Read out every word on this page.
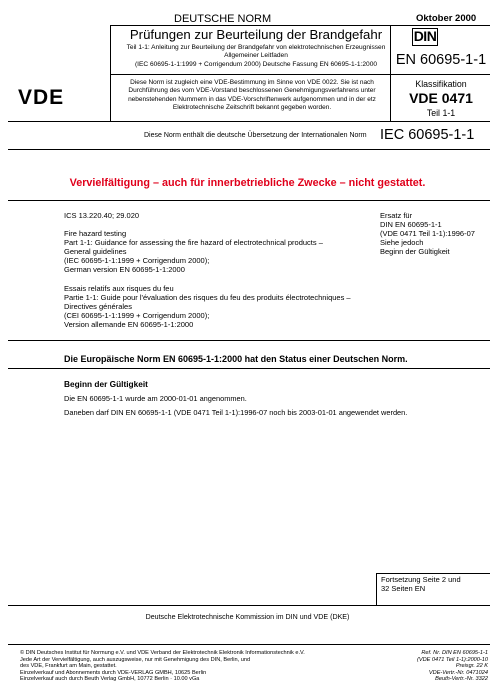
DEUTSCHE NORM	Oktober 2000
Prüfungen zur Beurteilung der Brandgefahr
Teil 1-1: Anleitung zur Beurteilung der Brandgefahr von elektrotechnischen Erzeugnissen
Allgemeiner Leitfaden
(IEC 60695-1-1:1999 + Corrigendum 2000) Deutsche Fassung EN 60695-1-1:2000
DIN
EN 60695-1-1
VDE
Diese Norm ist zugleich eine VDE-Bestimmung im Sinne von VDE 0022. Sie ist nach
Durchführung des vom VDE-Vorstand beschlossenen Genehmigungsverfahrens unter
nebenstehenden Nummern in das VDE-Vorschriftenwerk aufgenommen und in der etz
Elektrotechnische Zeitschrift bekannt gegeben worden.
Klassifikation
VDE 0471
Teil 1-1
Diese Norm enthält die deutsche Übersetzung der Internationalen Norm IEC 60695-1-1
Vervielfältigung – auch für innerbetriebliche Zwecke – nicht gestattet.
ICS 13.220.40; 29.020
Fire hazard testing
Part 1-1: Guidance for assessing the fire hazard of electrotechnical products –
General guidelines
(IEC 60695-1-1:1999 + Corrigendum 2000);
German version EN 60695-1-1:2000
Essais relatifs aux risques du feu
Partie 1-1: Guide pour l'évaluation des risques du feu des produits électrotechniques –
Directives générales
(CEI 60695-1-1:1999 + Corrigendum 2000);
Version allemande EN 60695-1-1:2000
Ersatz für
DIN EN 60695-1-1
(VDE 0471 Teil 1-1):1996-07
Siehe jedoch
Beginn der Gültigkeit
Die Europäische Norm EN 60695-1-1:2000 hat den Status einer Deutschen Norm.
Beginn der Gültigkeit
Die EN 60695-1-1 wurde am 2000-01-01 angenommen.
Daneben darf DIN EN 60695-1-1 (VDE 0471 Teil 1-1):1996-07 noch bis 2003-01-01 angewendet werden.
Fortsetzung Seite 2 und
32 Seiten EN
Deutsche Elektrotechnische Kommission im DIN und VDE (DKE)
© DIN Deutsches Institut für Normung e.V. und VDE Verband der Elektrotechnik Elektronik Informationstechnik e.V.
Jede Art der Vervielfältigung, auch auszugsweise, nur mit Genehmigung des DIN, Berlin, und
des VDE, Frankfurt am Main, gestattet.
Einzelverkauf und Abonnements durch VDE-VERLAG GMBH, 10625 Berlin
Einzelverkauf auch durch Beuth Verlag GmbH, 10772 Berlin · 10.00 vGa
Ref. Nr. DIN EN 60695-1-1
(VDE 0471 Teil 1-1):2000-10
Preisgr. 22 K
VDE-Vertr.-Nr. 0471024
Beuth-Vertr.-Nr. 3322
